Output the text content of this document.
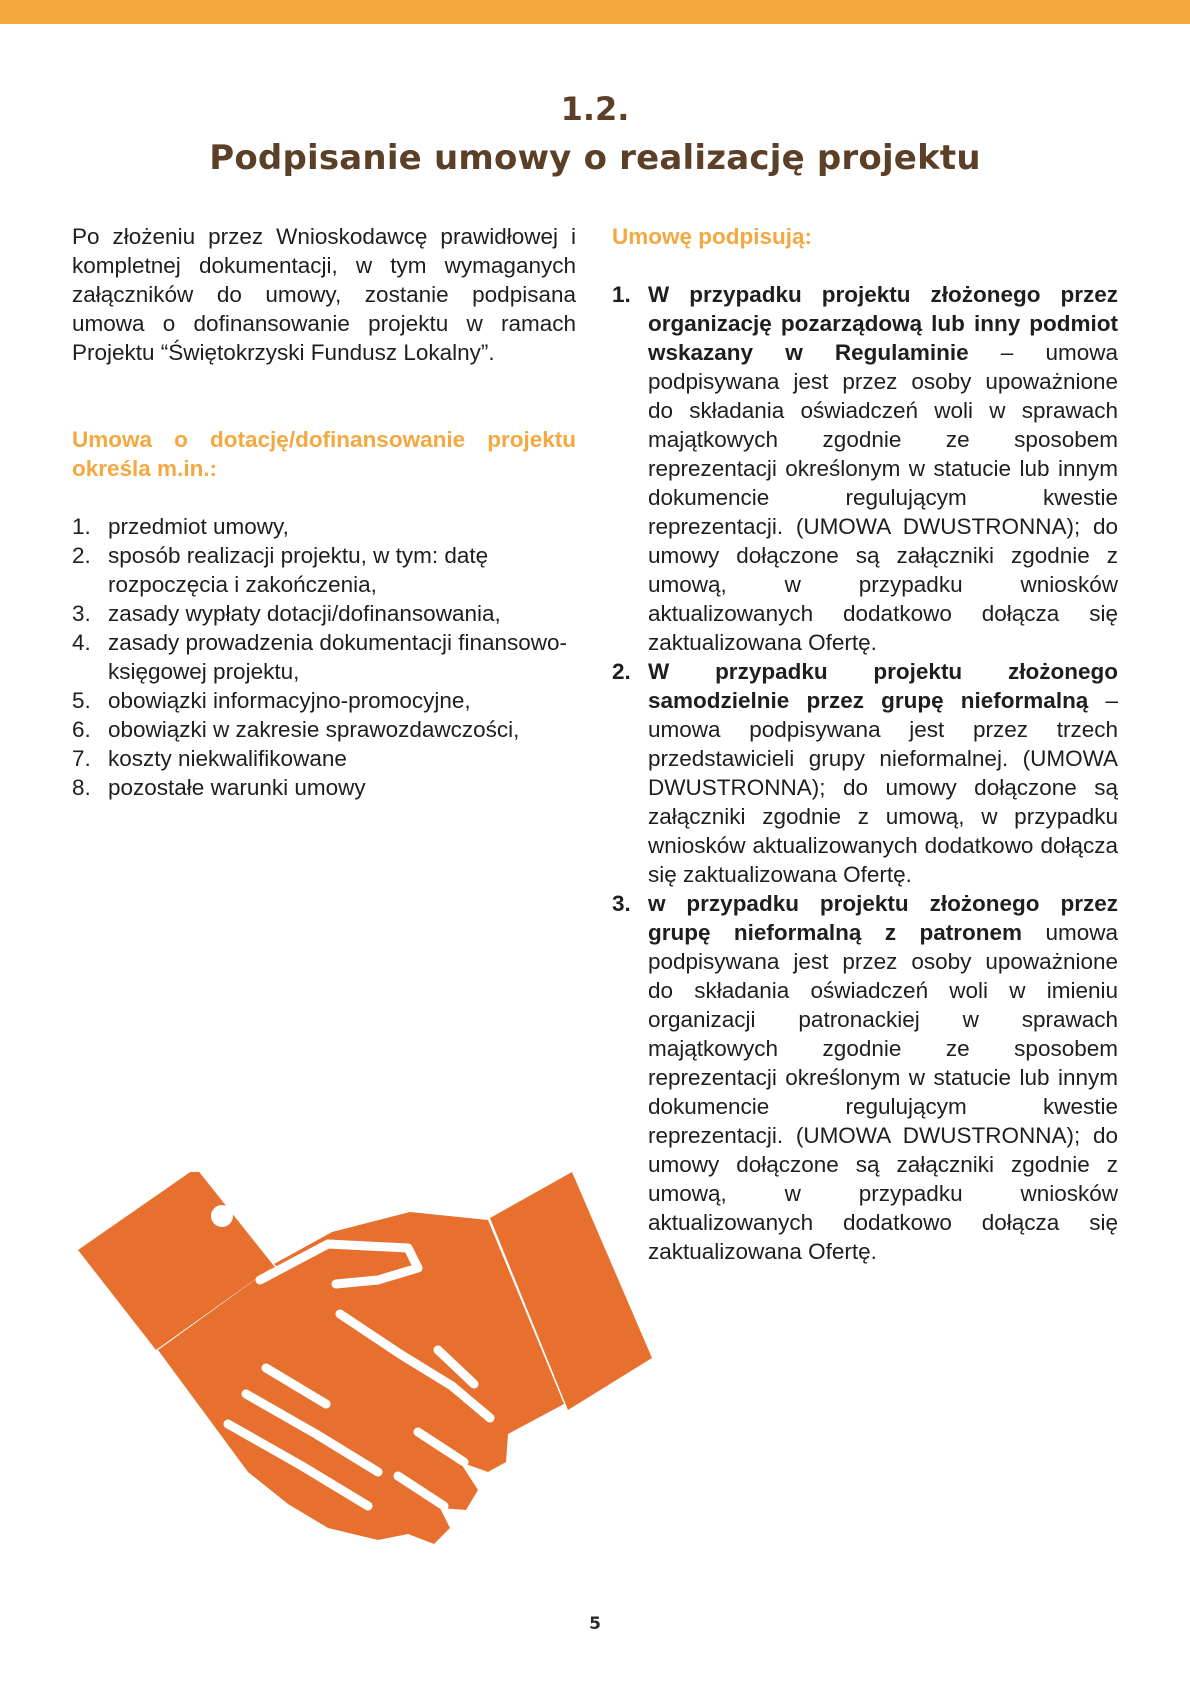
1.2.
Podpisanie umowy o realizację projektu

Po złożeniu przez Wnioskodawcę prawidłowej i kompletnej dokumentacji, w tym wymaganych załączników do umowy, zostanie podpisana umowa o dofinansowanie projektu w ramach Projektu “Świętokrzyski Fundusz Lokalny”.

Umowa o dotację/dofinansowanie projektu określa m.in.:

1. przedmiot umowy,
2. sposób realizacji projektu, w tym: datę rozpoczęcia i zakończenia,
3. zasady wypłaty dotacji/dofinansowania,
4. zasady prowadzenia dokumentacji finansowo-księgowej projektu,
5. obowiązki informacyjno-promocyjne,
6. obowiązki w zakresie sprawozdawczości,
7. koszty niekwalifikowane
8. pozostałe warunki umowy

Umowę podpisują:

1. W przypadku projektu złożonego przez organizację pozarządową lub inny podmiot wskazany w Regulaminie – umowa podpisywana jest przez osoby upoważnione do składania oświadczeń woli w sprawach majątkowych zgodnie ze sposobem reprezentacji określonym w statucie lub innym dokumencie regulującym kwestie reprezentacji. (UMOWA DWUSTRONNA); do umowy dołączone są załączniki zgodnie z umową, w przypadku wniosków aktualizowanych dodatkowo dołącza się zaktualizowana Ofertę.
2. W przypadku projektu złożonego samodzielnie przez grupę nieformalną – umowa podpisywana jest przez trzech przedstawicieli grupy nieformalnej. (UMOWA DWUSTRONNA); do umowy dołączone są załączniki zgodnie z umową, w przypadku wniosków aktualizowanych dodatkowo dołącza się zaktualizowana Ofertę.
3. w przypadku projektu złożonego przez grupę nieformalną z patronem umowa podpisywana jest przez osoby upoważnione do składania oświadczeń woli w imieniu organizacji patronackiej w sprawach majątkowych zgodnie ze sposobem reprezentacji określonym w statucie lub innym dokumencie regulującym kwestie reprezentacji. (UMOWA DWUSTRONNA); do umowy dołączone są załączniki zgodnie z umową, w przypadku wniosków aktualizowanych dodatkowo dołącza się zaktualizowana Ofertę.
5
